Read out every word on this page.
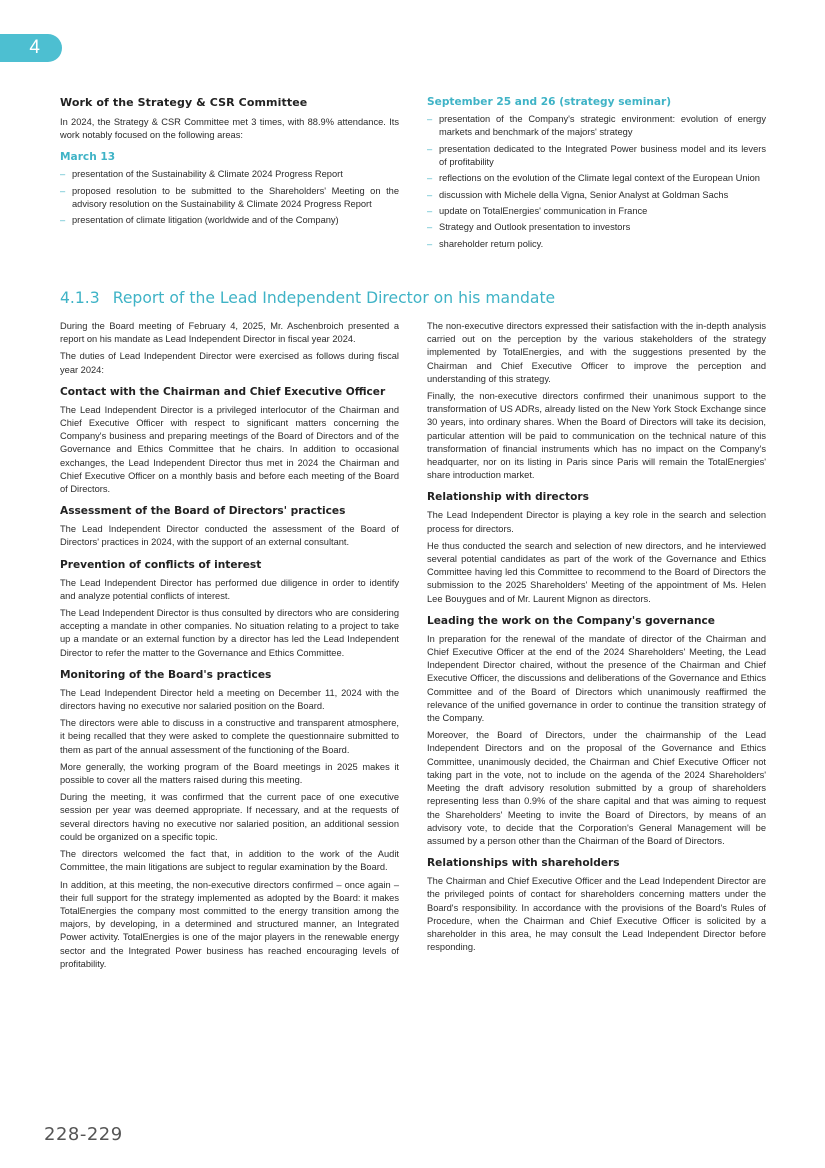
4
Work of the Strategy & CSR Committee

In 2024, the Strategy & CSR Committee met 3 times, with 88.9% attendance. Its work notably focused on the following areas:

March 13
– presentation of the Sustainability & Climate 2024 Progress Report
– proposed resolution to be submitted to the Shareholders' Meeting on the advisory resolution on the Sustainability & Climate 2024 Progress Report
– presentation of climate litigation (worldwide and of the Company)
September 25 and 26 (strategy seminar)
– presentation of the Company's strategic environment: evolution of energy markets and benchmark of the majors' strategy
– presentation dedicated to the Integrated Power business model and its levers of profitability
– reflections on the evolution of the Climate legal context of the European Union
– discussion with Michele della Vigna, Senior Analyst at Goldman Sachs
– update on TotalEnergies' communication in France
– Strategy and Outlook presentation to investors
– shareholder return policy.
4.1.3 Report of the Lead Independent Director on his mandate

During the Board meeting of February 4, 2025, Mr. Aschenbroich presented a report on his mandate as Lead Independent Director in fiscal year 2024.

The duties of Lead Independent Director were exercised as follows during fiscal year 2024:

Contact with the Chairman and Chief Executive Officer

The Lead Independent Director is a privileged interlocutor of the Chairman and Chief Executive Officer with respect to significant matters concerning the Company's business and preparing meetings of the Board of Directors and of the Governance and Ethics Committee that he chairs. In addition to occasional exchanges, the Lead Independent Director thus met in 2024 the Chairman and Chief Executive Officer on a monthly basis and before each meeting of the Board of Directors.

Assessment of the Board of Directors' practices

The Lead Independent Director conducted the assessment of the Board of Directors' practices in 2024, with the support of an external consultant.

Prevention of conflicts of interest

The Lead Independent Director has performed due diligence in order to identify and analyze potential conflicts of interest.

The Lead Independent Director is thus consulted by directors who are considering accepting a mandate in other companies. No situation relating to a project to take up a mandate or an external function by a director has led the Lead Independent Director to refer the matter to the Governance and Ethics Committee.

Monitoring of the Board's practices

The Lead Independent Director held a meeting on December 11, 2024 with the directors having no executive nor salaried position on the Board.

The directors were able to discuss in a constructive and transparent atmosphere, it being recalled that they were asked to complete the questionnaire submitted to them as part of the annual assessment of the functioning of the Board.

More generally, the working program of the Board meetings in 2025 makes it possible to cover all the matters raised during this meeting.

During the meeting, it was confirmed that the current pace of one executive session per year was deemed appropriate. If necessary, and at the requests of several directors having no executive nor salaried position, an additional session could be organized on a specific topic.

The directors welcomed the fact that, in addition to the work of the Audit Committee, the main litigations are subject to regular examination by the Board.

In addition, at this meeting, the non-executive directors confirmed – once again – their full support for the strategy implemented as adopted by the Board: it makes TotalEnergies the company most committed to the energy transition among the majors, by developing, in a determined and structured manner, an Integrated Power activity. TotalEnergies is one of the major players in the renewable energy sector and the Integrated Power business has reached encouraging levels of profitability.

The non-executive directors expressed their satisfaction with the in-depth analysis carried out on the perception by the various stakeholders of the strategy implemented by TotalEnergies, and with the suggestions presented by the Chairman and Chief Executive Officer to improve the perception and understanding of this strategy.

Finally, the non-executive directors confirmed their unanimous support to the transformation of US ADRs, already listed on the New York Stock Exchange since 30 years, into ordinary shares. When the Board of Directors will take its decision, particular attention will be paid to communication on the technical nature of this transformation of financial instruments which has no impact on the Company's headquarter, nor on its listing in Paris since Paris will remain the TotalEnergies' share introduction market.

Relationship with directors

The Lead Independent Director is playing a key role in the search and selection process for directors.

He thus conducted the search and selection of new directors, and he interviewed several potential candidates as part of the work of the Governance and Ethics Committee having led this Committee to recommend to the Board of Directors the submission to the 2025 Shareholders' Meeting of the appointment of Ms. Helen Lee Bouygues and of Mr. Laurent Mignon as directors.

Leading the work on the Company's governance

In preparation for the renewal of the mandate of director of the Chairman and Chief Executive Officer at the end of the 2024 Shareholders' Meeting, the Lead Independent Director chaired, without the presence of the Chairman and Chief Executive Officer, the discussions and deliberations of the Governance and Ethics Committee and of the Board of Directors which unanimously reaffirmed the relevance of the unified governance in order to continue the transition strategy of the Company.

Moreover, the Board of Directors, under the chairmanship of the Lead Independent Directors and on the proposal of the Governance and Ethics Committee, unanimously decided, the Chairman and Chief Executive Officer not taking part in the vote, not to include on the agenda of the 2024 Shareholders' Meeting the draft advisory resolution submitted by a group of shareholders representing less than 0.9% of the share capital and that was aiming to request the Shareholders' Meeting to invite the Board of Directors, by means of an advisory vote, to decide that the Corporation's General Management will be assumed by a person other than the Chairman of the Board of Directors.

Relationships with shareholders

The Chairman and Chief Executive Officer and the Lead Independent Director are the privileged points of contact for shareholders concerning matters under the Board's responsibility. In accordance with the provisions of the Board's Rules of Procedure, when the Chairman and Chief Executive Officer is solicited by a shareholder in this area, he may consult the Lead Independent Director before responding.

228-229
